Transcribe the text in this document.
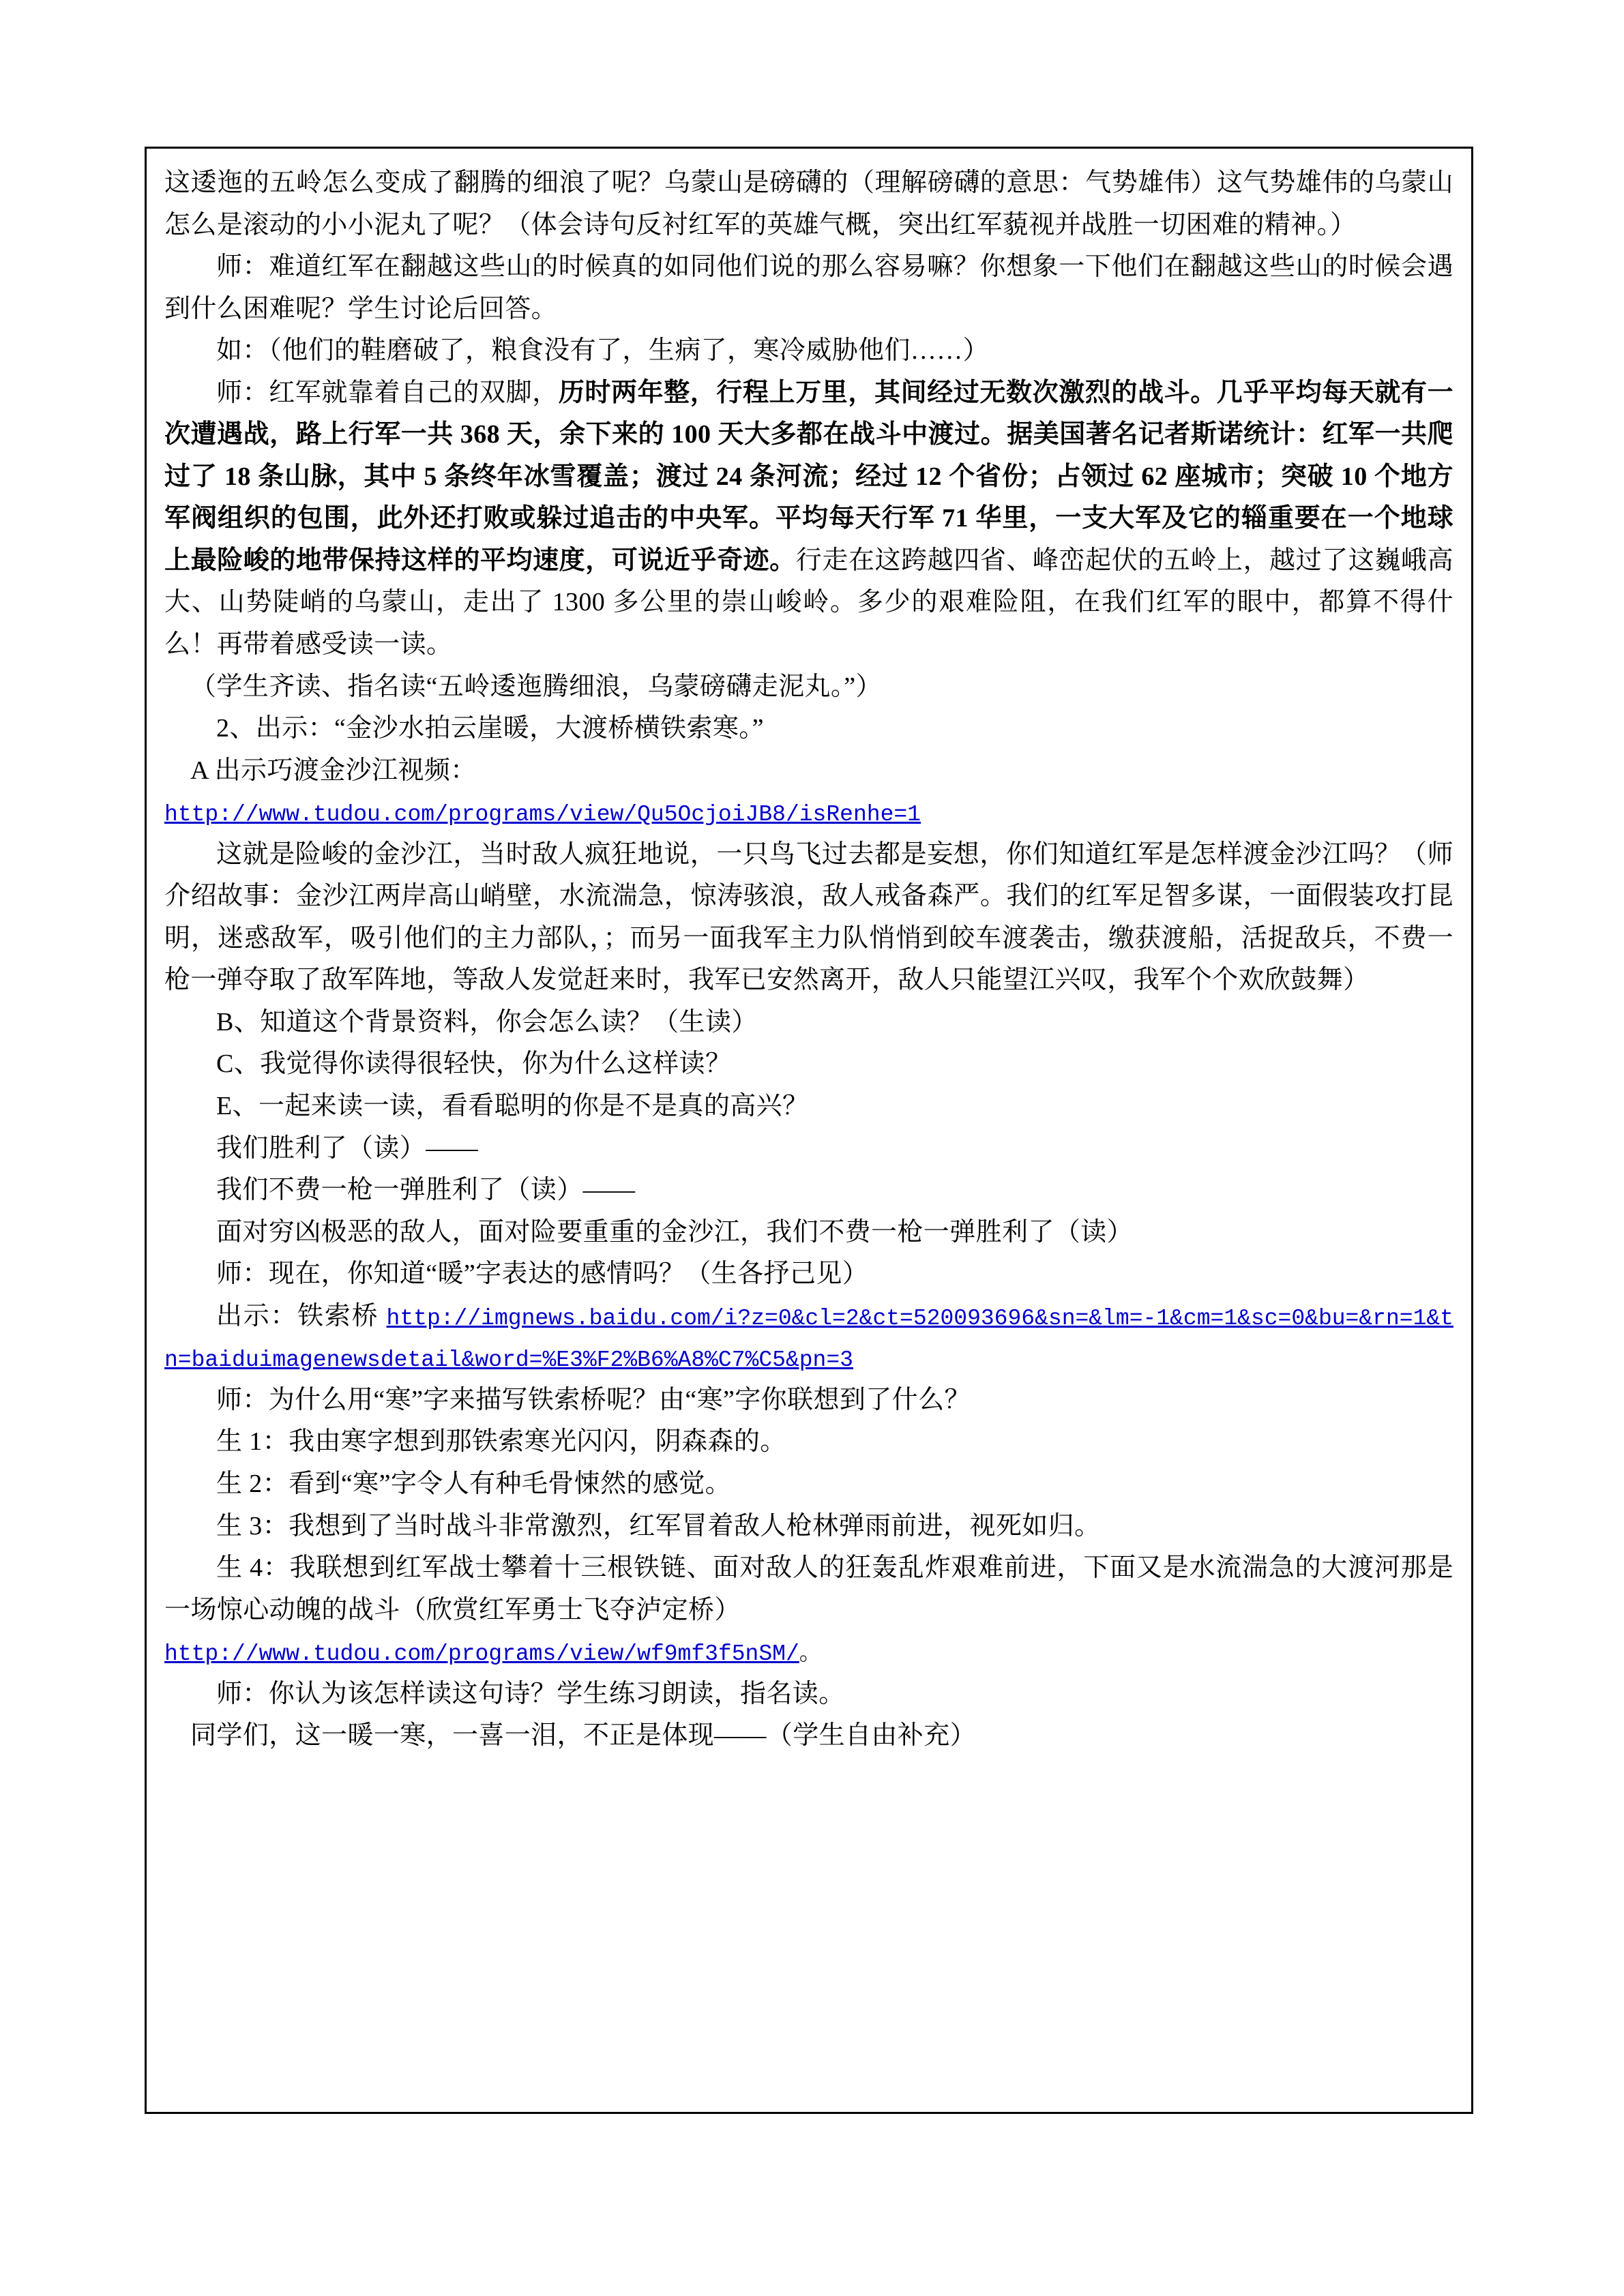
这逶迤的五岭怎么变成了翻腾的细浪了呢？乌蒙山是磅礴的（理解磅礴的意思：气势雄伟）这气势雄伟的乌蒙山怎么是滚动的小小泥丸了呢？（体会诗句反衬红军的英雄气概，突出红军藐视并战胜一切困难的精神。）

师：难道红军在翻越这些山的时候真的如同他们说的那么容易嘛？你想象一下他们在翻越这些山的时候会遇到什么困难呢？学生讨论后回答。

如：（他们的鞋磨破了，粮食没有了，生病了，寒冷威胁他们……）

师：红军就靠着自己的双脚，历时两年整，行程上万里，其间经过无数次激烈的战斗。几乎平均每天就有一次遭遇战，路上行军一共 368 天，余下来的 100 天大多都在战斗中渡过。据美国著名记者斯诺统计：红军一共爬过了 18 条山脉，其中 5 条终年冰雪覆盖；渡过 24 条河流；经过 12 个省份；占领过 62 座城市；突破 10 个地方军阀组织的包围，此外还打败或躲过追击的中央军。平均每天行军 71 华里，一支大军及它的辎重要在一个地球上最险峻的地带保持这样的平均速度，可说近乎奇迹。行走在这跨越四省、峰峦起伏的五岭上，越过了这巍峨高大、山势陡峭的乌蒙山，走出了 1300 多公里的崇山峻岭。多少的艰难险阻，在我们红军的眼中，都算不得什么！再带着感受读一读。

（学生齐读、指名读“五岭逶迤腾细浪，乌蒙磅礴走泥丸。”）

2、出示：“金沙水拍云崖暖，大渡桥横铁索寒。”

A 出示巧渡金沙江视频：

http://www.tudou.com/programs/view/Qu5OcjoiJB8/isRenhe=1

这就是险峻的金沙江，当时敌人疯狂地说，一只鸟飞过去都是妄想，你们知道红军是怎样渡金沙江吗？（师介绍故事：金沙江两岸高山峭壁，水流湍急，惊涛骇浪，敌人戒备森严。我们的红军足智多谋，一面假装攻打昆明，迷惑敌军，吸引他们的主力部队，；而另一面我军主力队悄悄到皎车渡袭击，缴获渡船，活捉敌兵，不费一枪一弹夺取了敌军阵地，等敌人发觉赶来时，我军已安然离开，敌人只能望江兴叹，我军个个欢欣鼓舞）

B、知道这个背景资料，你会怎么读？（生读）

C、我觉得你读得很轻快，你为什么这样读？

E、一起来读一读，看看聪明的你是不是真的高兴？

我们胜利了（读）——

我们不费一枪一弹胜利了（读）——

面对穷凶极恶的敌人，面对险要重重的金沙江，我们不费一枪一弹胜利了（读）

师：现在，你知道“暖”字表达的感情吗？（生各抒己见）

出示：铁索桥 http://imgnews.baidu.com/i?z=0&cl=2&ct=520093696&sn=&lm=-1&cm=1&sc=0&bu=&rn=1&tn=baiduimagenewsdetail&word=%E3%F2%B6%A8%C7%C5&pn=3

师：为什么用“寒”字来描写铁索桥呢？由“寒”字你联想到了什么？

生 1：我由寒字想到那铁索寒光闪闪，阴森森的。

生 2：看到“寒”字令人有种毛骨悚然的感觉。

生 3：我想到了当时战斗非常激烈，红军冒着敌人枪林弹雨前进，视死如归。

生 4：我联想到红军战士攀着十三根铁链、面对敌人的狂轰乱炸艰难前进，下面又是水流湍急的大渡河那是一场惊心动魄的战斗（欣赏红军勇士飞夺泸定桥）

http://www.tudou.com/programs/view/wf9mf3f5nSM/。

师：你认为该怎样读这句诗？学生练习朗读，指名读。

同学们，这一暖一寒，一喜一泪，不正是体现——（学生自由补充）
